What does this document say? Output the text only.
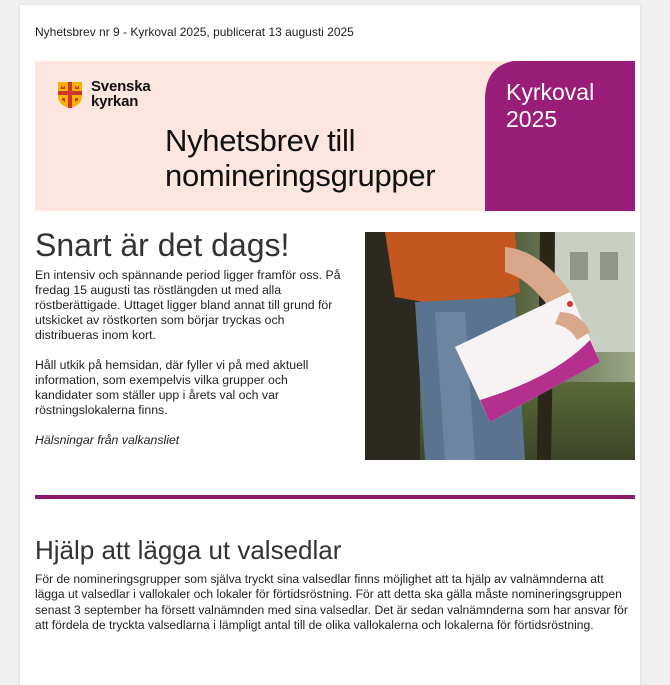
Nyhetsbrev nr 9 - Kyrkoval 2025, publicerat 13 augusti 2025
Svenska
kyrkan
Nyhetsbrev till
nomineringsgrupper
Kyrkoval
2025
Snart är det dags!

En intensiv och spännande period ligger framför oss. På fredag 15 augusti tas röstlängden ut med alla röstberättigade. Uttaget ligger bland annat till grund för utskicket av röstkorten som börjar tryckas och distribueras inom kort.

Håll utkik på hemsidan, där fyller vi på med aktuell information, som exempelvis vilka grupper och kandidater som ställer upp i årets val och var röstningslokalerna finns.

Hälsningar från valkansliet

Hjälp att lägga ut valsedlar

För de nomineringsgrupper som själva tryckt sina valsedlar finns möjlighet att ta hjälp av valnämnderna att lägga ut valsedlar i vallokaler och lokaler för förtidsröstning. För att detta ska gälla måste nomineringsgruppen senast 3 september ha försett valnämnden med sina valsedlar. Det är sedan valnämnderna som har ansvar för att fördela de tryckta valsedlarna i lämpligt antal till de olika vallokalerna och lokalerna för förtidsröstning.
